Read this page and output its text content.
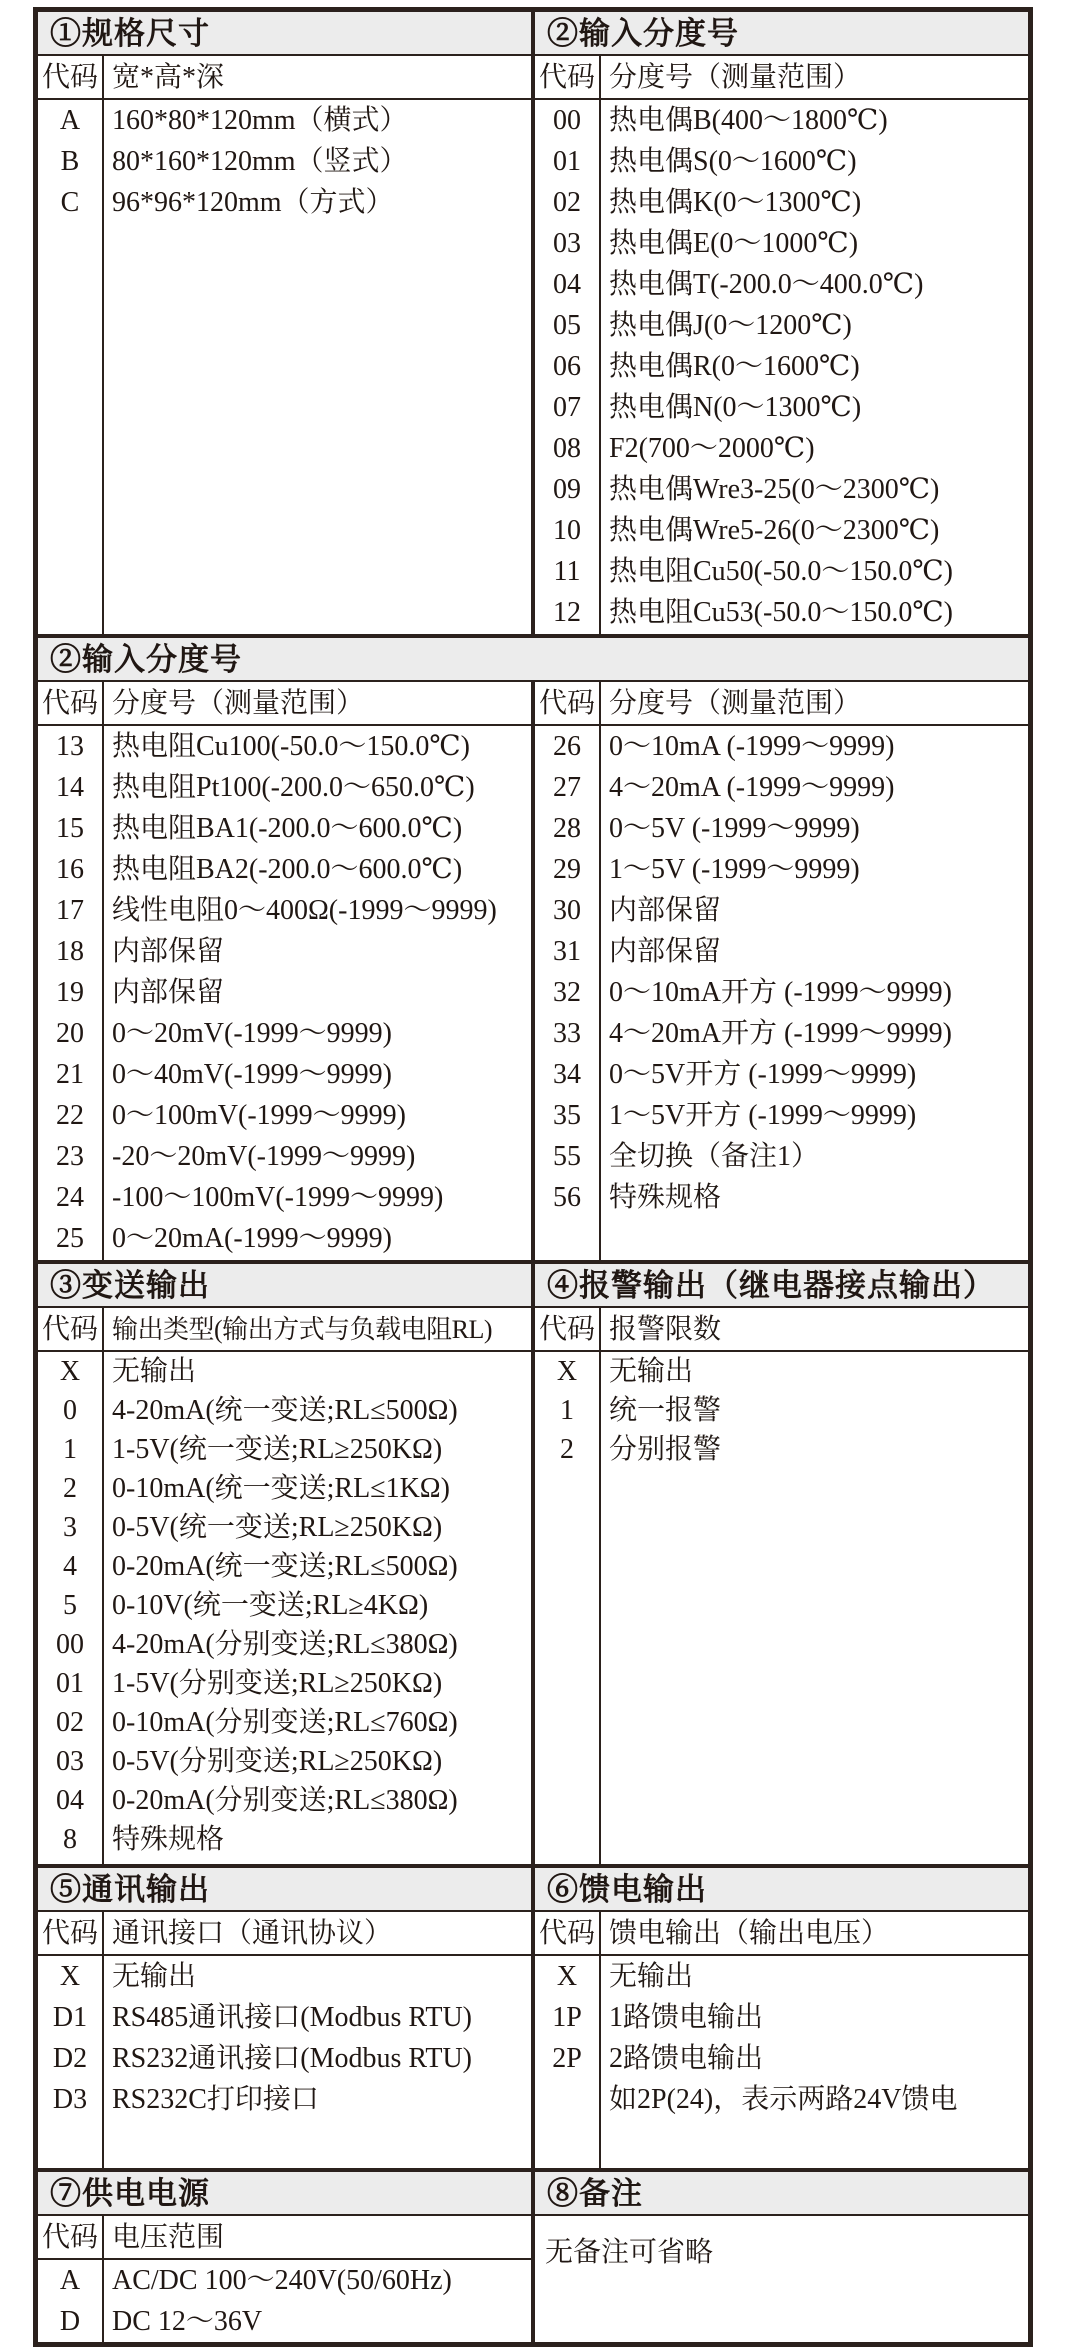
①规格尺寸
代码 宽*高*深
A
B
C
160*80*120mm（横式）
80*160*120mm（竖式）
96*96*120mm（方式）
②输入分度号
代码 分度号（测量范围）
00
01
02
03
04
05
06
07
08
09
10
11
12
热电偶B(400～1800℃)
热电偶S(0～1600℃)
热电偶K(0～1300℃)
热电偶E(0～1000℃)
热电偶T(-200.0～400.0℃)
热电偶J(0～1200℃)
热电偶R(0～1600℃)
热电偶N(0～1300℃)
F2(700～2000℃)
热电偶Wre3-25(0～2300℃)
热电偶Wre5-26(0～2300℃)
热电阻Cu50(-50.0～150.0℃)
热电阻Cu53(-50.0～150.0℃)
②输入分度号
代码 分度号（测量范围）
13
14
15
16
17
18
19
20
21
22
23
24
25
热电阻Cu100(-50.0～150.0℃)
热电阻Pt100(-200.0～650.0℃)
热电阻BA1(-200.0～600.0℃)
热电阻BA2(-200.0～600.0℃)
线性电阻0～400Ω(-1999～9999)
内部保留
内部保留
0～20mV(-1999～9999)
0～40mV(-1999～9999)
0～100mV(-1999～9999)
-20～20mV(-1999～9999)
-100～100mV(-1999～9999)
0～20mA(-1999～9999)
代码 分度号（测量范围）
26
27
28
29
30
31
32
33
34
35
55
56
0～10mA (-1999～9999)
4～20mA (-1999～9999)
0～5V (-1999～9999)
1～5V (-1999～9999)
内部保留
内部保留
0～10mA开方 (-1999～9999)
4～20mA开方 (-1999～9999)
0～5V开方 (-1999～9999)
1～5V开方 (-1999～9999)
全切换（备注1）
特殊规格
③变送输出
代码 输出类型(输出方式与负载电阻RL)
X
0
1
2
3
4
5
00
01
02
03
04
8
无输出
4-20mA(统一变送;RL≤500Ω)
1-5V(统一变送;RL≥250KΩ)
0-10mA(统一变送;RL≤1KΩ)
0-5V(统一变送;RL≥250KΩ)
0-20mA(统一变送;RL≤500Ω)
0-10V(统一变送;RL≥4KΩ)
4-20mA(分别变送;RL≤380Ω)
1-5V(分别变送;RL≥250KΩ)
0-10mA(分别变送;RL≤760Ω)
0-5V(分别变送;RL≥250KΩ)
0-20mA(分别变送;RL≤380Ω)
特殊规格
④报警输出（继电器接点输出）
代码 报警限数
X
1
2
无输出
统一报警
分别报警
⑤通讯输出
代码 通讯接口（通讯协议）
X
D1
D2
D3
无输出
RS485通讯接口(Modbus RTU)
RS232通讯接口(Modbus RTU)
RS232C打印接口
⑥馈电输出
代码 馈电输出（输出电压）
X
1P
2P
无输出
1路馈电输出
2路馈电输出
如2P(24)，表示两路24V馈电
⑦供电电源
代码 电压范围
A
D
AC/DC 100～240V(50/60Hz)
DC 12～36V
⑧备注
无备注可省略
